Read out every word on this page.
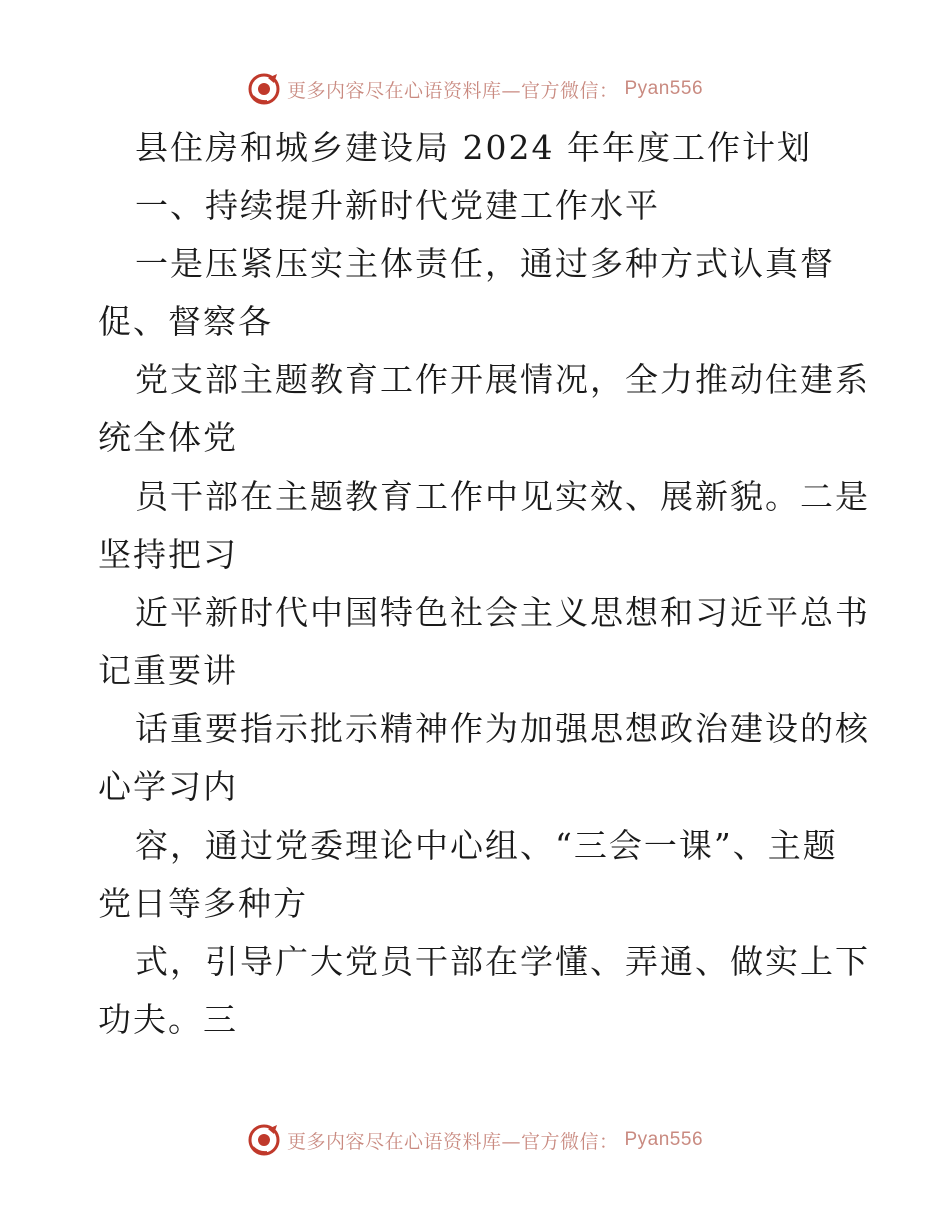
更多内容尽在心语资料库—官方微信： Pyan556
县住房和城乡建设局 2024 年年度工作计划
一、持续提升新时代党建工作水平
一是压紧压实主体责任，通过多种方式认真督
促、督察各
党支部主题教育工作开展情况，全力推动住建系
统全体党
员干部在主题教育工作中见实效、展新貌。二是
坚持把习
近平新时代中国特色社会主义思想和习近平总书
记重要讲
话重要指示批示精神作为加强思想政治建设的核
心学习内
容，通过党委理论中心组、“三会一课”、主题
党日等多种方
式，引导广大党员干部在学懂、弄通、做实上下
功夫。三
更多内容尽在心语资料库—官方微信： Pyan556
